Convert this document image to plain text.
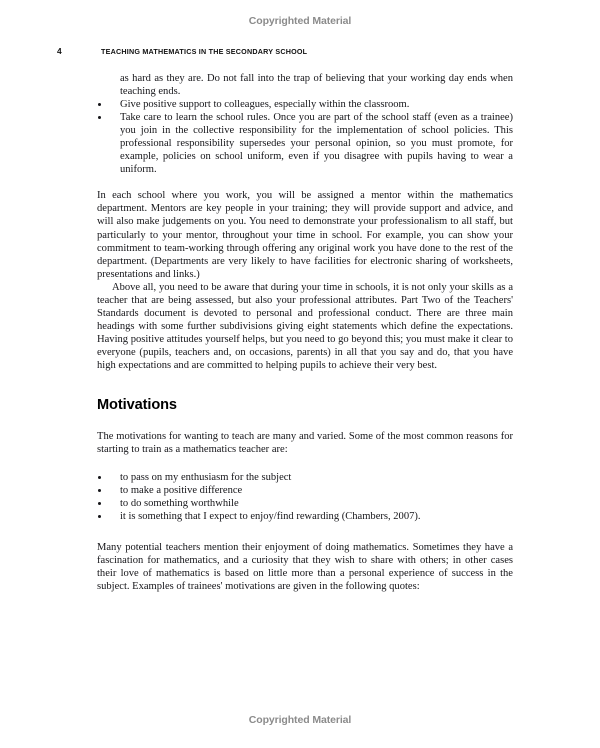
Copyrighted Material
4	TEACHING MATHEMATICS IN THE SECONDARY SCHOOL
as hard as they are. Do not fall into the trap of believing that your working day ends when teaching ends.
Give positive support to colleagues, especially within the classroom.
Take care to learn the school rules. Once you are part of the school staff (even as a trainee) you join in the collective responsibility for the implementation of school policies. This professional responsibility supersedes your personal opinion, so you must promote, for example, policies on school uniform, even if you disagree with pupils having to wear a uniform.

In each school where you work, you will be assigned a mentor within the mathematics department. Mentors are key people in your training; they will provide support and advice, and will also make judgements on you. You need to demonstrate your professionalism to all staff, but particularly to your mentor, throughout your time in school. For example, you can show your commitment to team-working through offering any original work you have done to the rest of the department. (Departments are very likely to have facilities for electronic sharing of worksheets, presentations and links.)

Above all, you need to be aware that during your time in schools, it is not only your skills as a teacher that are being assessed, but also your professional attributes. Part Two of the Teachers' Standards document is devoted to personal and professional conduct. There are three main headings with some further subdivisions giving eight statements which define the expectations. Having positive attitudes yourself helps, but you need to go beyond this; you must make it clear to everyone (pupils, teachers and, on occasions, parents) in all that you say and do, that you have high expectations and are committed to helping pupils to achieve their very best.

Motivations

The motivations for wanting to teach are many and varied. Some of the most common reasons for starting to train as a mathematics teacher are:

to pass on my enthusiasm for the subject
to make a positive difference
to do something worthwhile
it is something that I expect to enjoy/find rewarding (Chambers, 2007).

Many potential teachers mention their enjoyment of doing mathematics. Sometimes they have a fascination for mathematics, and a curiosity that they wish to share with others; in other cases their love of mathematics is based on little more than a personal experience of success in the subject. Examples of trainees' motivations are given in the following quotes:

Copyrighted Material
